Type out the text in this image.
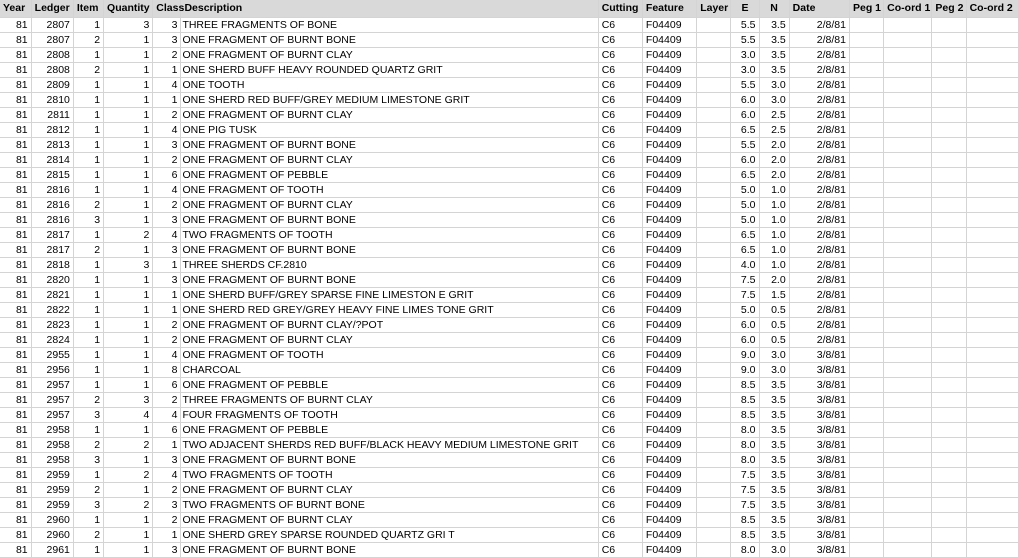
Year	Ledger	Item	Quantity	Class	Description	Cutting	Feature	Layer	E	N	Date	Peg 1	Co-ord 1	Peg 2	Co-ord 2
81	2807	1	3	3	THREE FRAGMENTS OF BONE	C6	F04409		5.5	3.5	2/8/81				
81	2807	2	1	3	ONE FRAGMENT OF BURNT BONE	C6	F04409		5.5	3.5	2/8/81				
81	2808	1	1	2	ONE FRAGMENT OF BURNT CLAY	C6	F04409		3.0	3.5	2/8/81				
81	2808	2	1	1	ONE SHERD BUFF HEAVY ROUNDED QUARTZ GRIT	C6	F04409		3.0	3.5	2/8/81				
81	2809	1	1	4	ONE TOOTH	C6	F04409		5.5	3.0	2/8/81				
81	2810	1	1	1	ONE SHERD RED BUFF/GREY MEDIUM LIMESTONE GRIT	C6	F04409		6.0	3.0	2/8/81				
81	2811	1	1	2	ONE FRAGMENT OF BURNT CLAY	C6	F04409		6.0	2.5	2/8/81				
81	2812	1	1	4	ONE PIG TUSK	C6	F04409		6.5	2.5	2/8/81				
81	2813	1	1	3	ONE FRAGMENT OF BURNT BONE	C6	F04409		5.5	2.0	2/8/81				
81	2814	1	1	2	ONE FRAGMENT OF BURNT CLAY	C6	F04409		6.0	2.0	2/8/81				
81	2815	1	1	6	ONE FRAGMENT OF PEBBLE	C6	F04409		6.5	2.0	2/8/81				
81	2816	1	1	4	ONE FRAGMENT OF TOOTH	C6	F04409		5.0	1.0	2/8/81				
81	2816	2	1	2	ONE FRAGMENT OF BURNT CLAY	C6	F04409		5.0	1.0	2/8/81				
81	2816	3	1	3	ONE FRAGMENT OF BURNT BONE	C6	F04409		5.0	1.0	2/8/81				
81	2817	1	2	4	TWO FRAGMENTS OF TOOTH	C6	F04409		6.5	1.0	2/8/81				
81	2817	2	1	3	ONE FRAGMENT OF BURNT BONE	C6	F04409		6.5	1.0	2/8/81				
81	2818	1	3	1	THREE SHERDS CF.2810	C6	F04409		4.0	1.0	2/8/81				
81	2820	1	1	3	ONE FRAGMENT OF BURNT BONE	C6	F04409		7.5	2.0	2/8/81				
81	2821	1	1	1	ONE SHERD BUFF/GREY SPARSE FINE LIMESTON E GRIT	C6	F04409		7.5	1.5	2/8/81				
81	2822	1	1	1	ONE SHERD RED GREY/GREY HEAVY FINE LIMES TONE GRIT	C6	F04409		5.0	0.5	2/8/81				
81	2823	1	1	2	ONE FRAGMENT OF BURNT CLAY/?POT	C6	F04409		6.0	0.5	2/8/81				
81	2824	1	1	2	ONE FRAGMENT OF BURNT CLAY	C6	F04409		6.0	0.5	2/8/81				
81	2955	1	1	4	ONE FRAGMENT OF TOOTH	C6	F04409		9.0	3.0	3/8/81				
81	2956	1	1	8	CHARCOAL	C6	F04409		9.0	3.0	3/8/81				
81	2957	1	1	6	ONE FRAGMENT OF PEBBLE	C6	F04409		8.5	3.5	3/8/81				
81	2957	2	3	2	THREE FRAGMENTS OF BURNT CLAY	C6	F04409		8.5	3.5	3/8/81				
81	2957	3	4	4	FOUR FRAGMENTS OF TOOTH	C6	F04409		8.5	3.5	3/8/81				
81	2958	1	1	6	ONE FRAGMENT OF PEBBLE	C6	F04409		8.0	3.5	3/8/81				
81	2958	2	2	1	TWO ADJACENT SHERDS RED BUFF/BLACK HEAVY MEDIUM LIMESTONE GRIT	C6	F04409		8.0	3.5	3/8/81				
81	2958	3	1	3	ONE FRAGMENT OF BURNT BONE	C6	F04409		8.0	3.5	3/8/81				
81	2959	1	2	4	TWO FRAGMENTS OF TOOTH	C6	F04409		7.5	3.5	3/8/81				
81	2959	2	1	2	ONE FRAGMENT OF BURNT CLAY	C6	F04409		7.5	3.5	3/8/81				
81	2959	3	2	3	TWO FRAGMENTS OF BURNT BONE	C6	F04409		7.5	3.5	3/8/81				
81	2960	1	1	2	ONE FRAGMENT OF BURNT CLAY	C6	F04409		8.5	3.5	3/8/81				
81	2960	2	1	1	ONE SHERD GREY SPARSE ROUNDED QUARTZ GRI T	C6	F04409		8.5	3.5	3/8/81				
81	2961	1	1	3	ONE FRAGMENT OF BURNT BONE	C6	F04409		8.0	3.0	3/8/81				
